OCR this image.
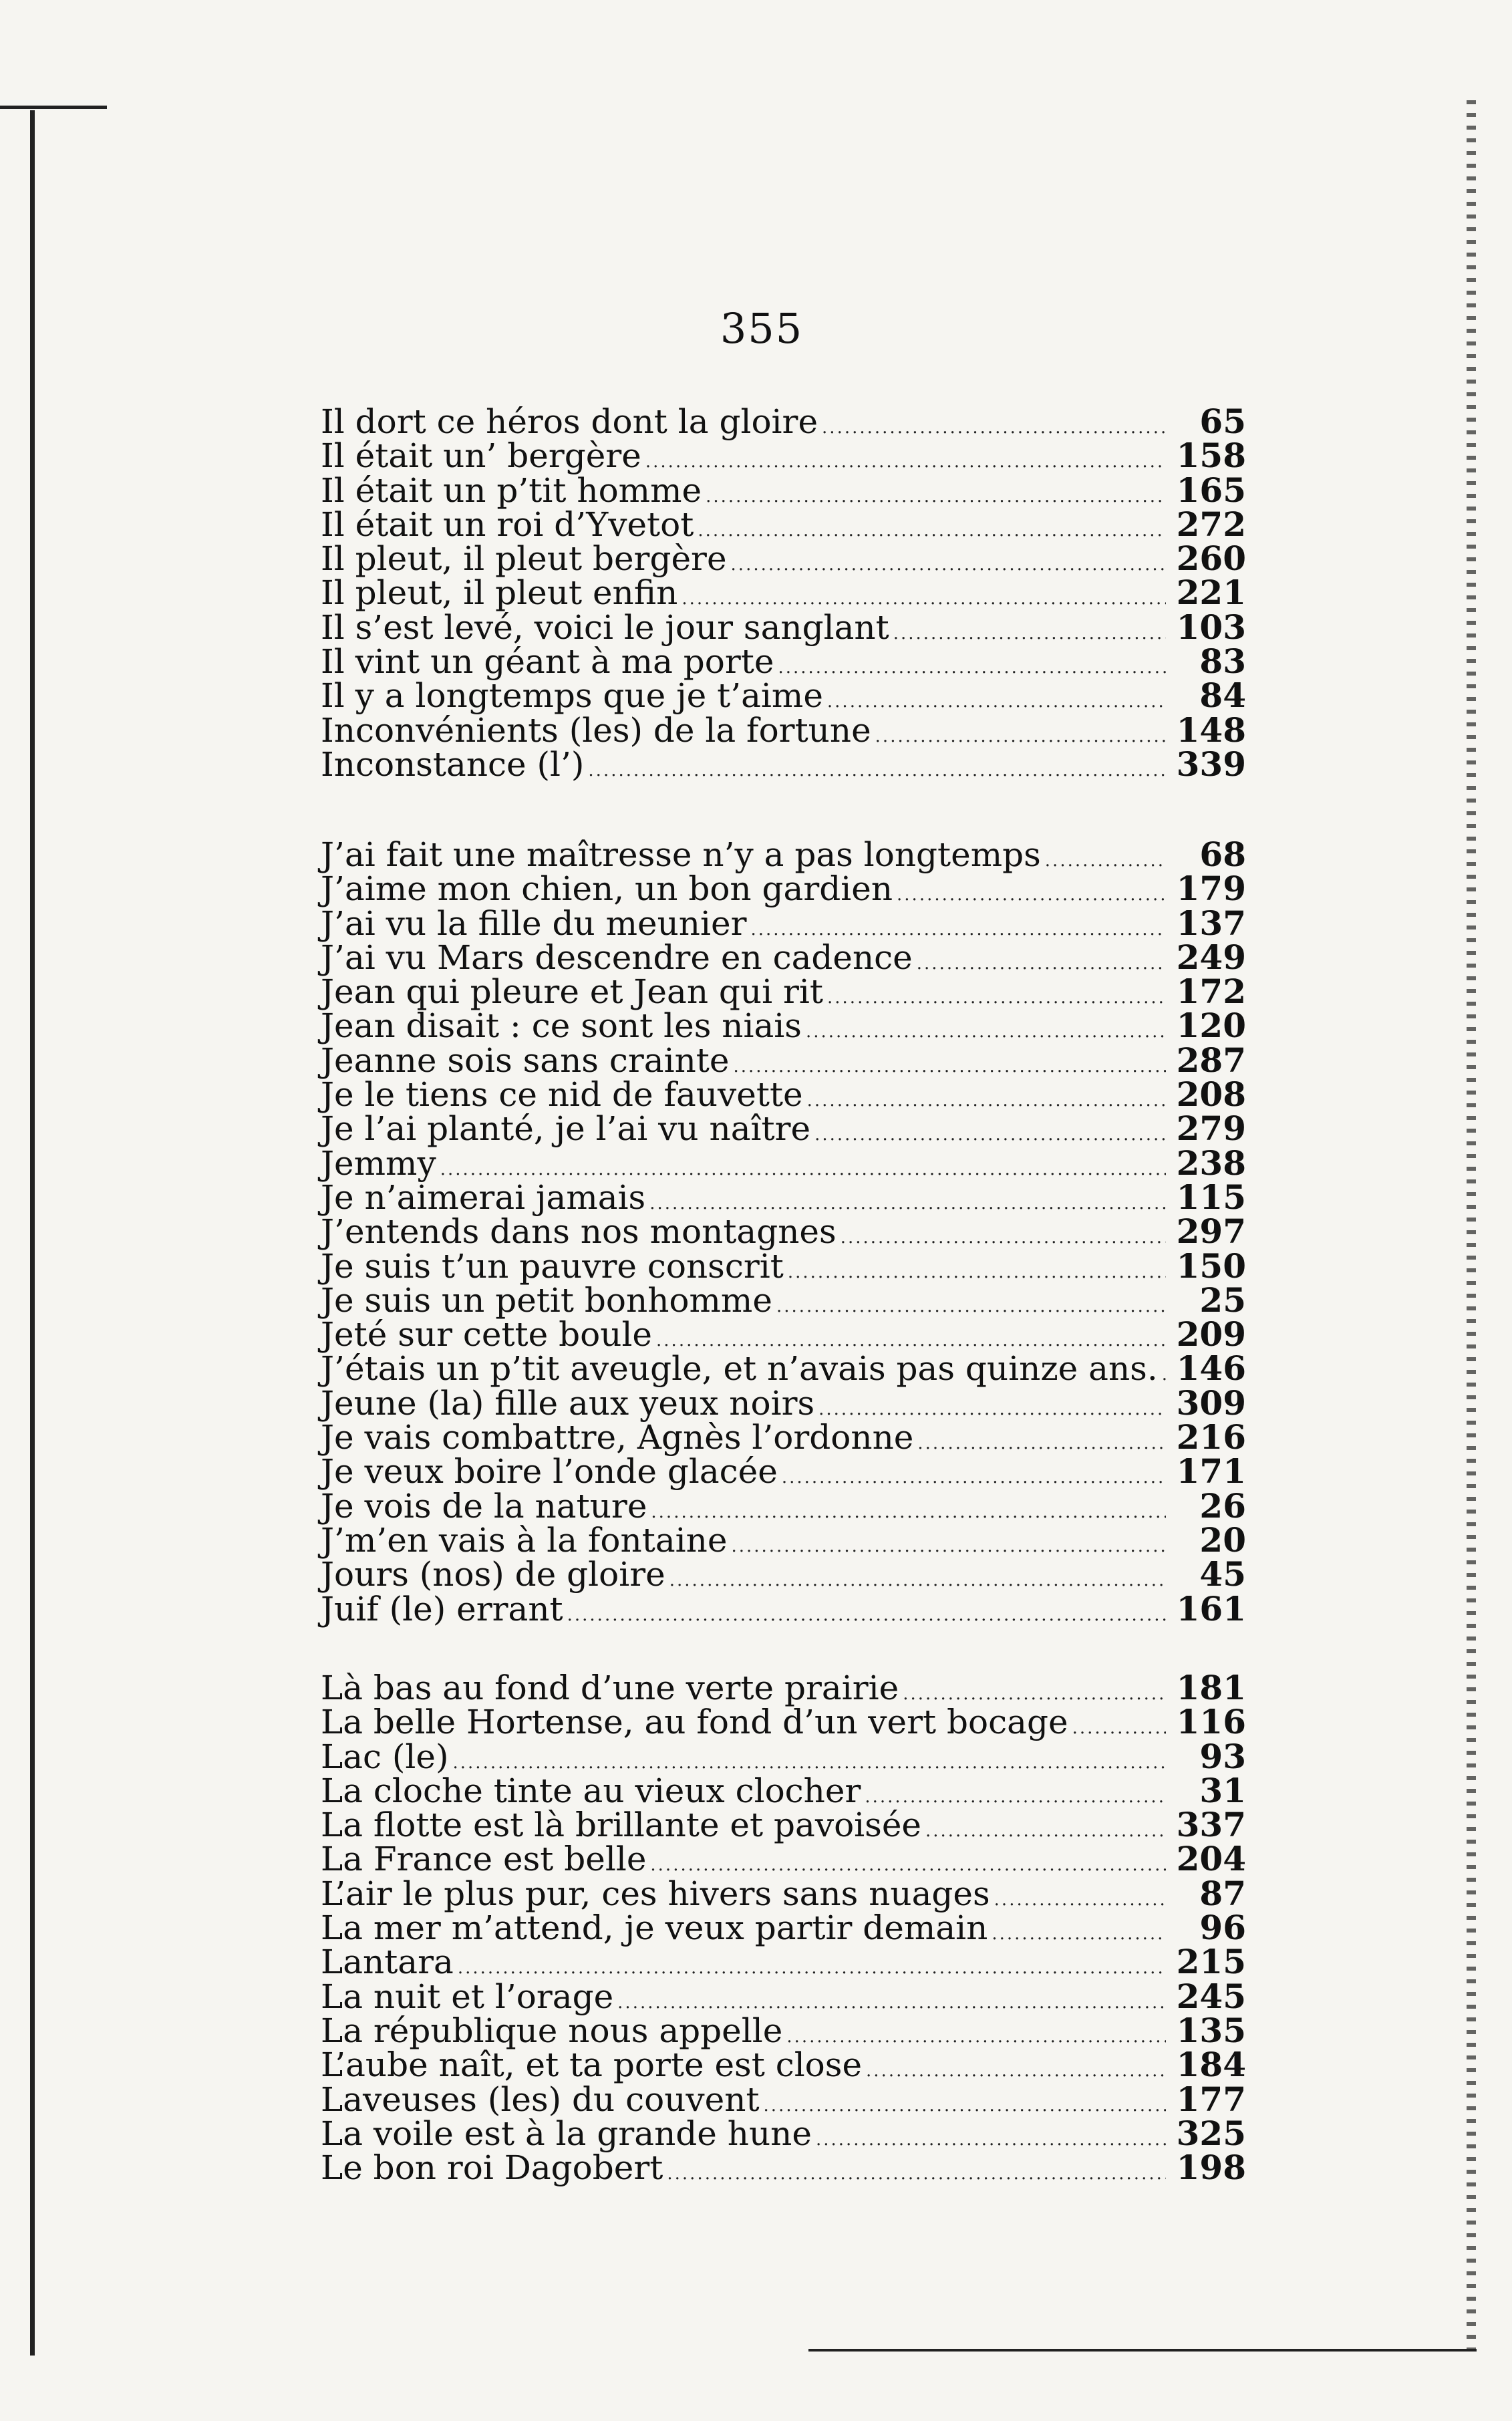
355
Il dort ce héros dont la gloire .....	65
Il était un’ bergère .....	158
Il était un p’tit homme .....	165
Il était un roi d’Yvetot .....	272
Il pleut, il pleut bergère .....	260
Il pleut, il pleut enfin .....	221
Il s’est levé, voici le jour sanglant .....	103
Il vint un géant à ma porte .....	83
Il y a longtemps que je t’aime .....	84
Inconvénients (les) de la fortune .....	148
Inconstance (l’) .....	339
J’ai fait une maîtresse n’y a pas longtemps .....	68
J’aime mon chien, un bon gardien .....	179
J’ai vu la fille du meunier .....	137
J’ai vu Mars descendre en cadence .....	249
Jean qui pleure et Jean qui rit .....	172
Jean disait : ce sont les niais .....	120
Jeanne sois sans crainte .....	287
Je le tiens ce nid de fauvette .....	208
Je l’ai planté, je l’ai vu naître .....	279
Jemmy .....	238
Je n’aimerai jamais .....	115
J’entends dans nos montagnes .....	297
Je suis t’un pauvre conscrit .....	150
Je suis un petit bonhomme .....	25
Jeté sur cette boule .....	209
J’étais un p’tit aveugle, et n’avais pas quinze ans. ..... 146
Jeune (la) fille aux yeux noirs .....	309
Je vais combattre, Agnès l’ordonne .....	216
Je veux boire l’onde glacée .....	171
Je vois de la nature .....	26
J’m’en vais à la fontaine .....	20
Jours (nos) de gloire .....	45
Juif (le) errant .....	161
Là bas au fond d’une verte prairie .....	181
La belle Hortense, au fond d’un vert bocage .....	116
Lac (le) .....	93
La cloche tinte au vieux clocher .....	31
La flotte est là brillante et pavoisée .....	337
La France est belle .....	204
L’air le plus pur, ces hivers sans nuages .....	87
La mer m’attend, je veux partir demain .....	96
Lantara .....	215
La nuit et l’orage .....	245
La république nous appelle .....	135
L’aube naît, et ta porte est close .....	184
Laveuses (les) du couvent .....	177
La voile est à la grande hune .....	325
Le bon roi Dagobert .....	198
